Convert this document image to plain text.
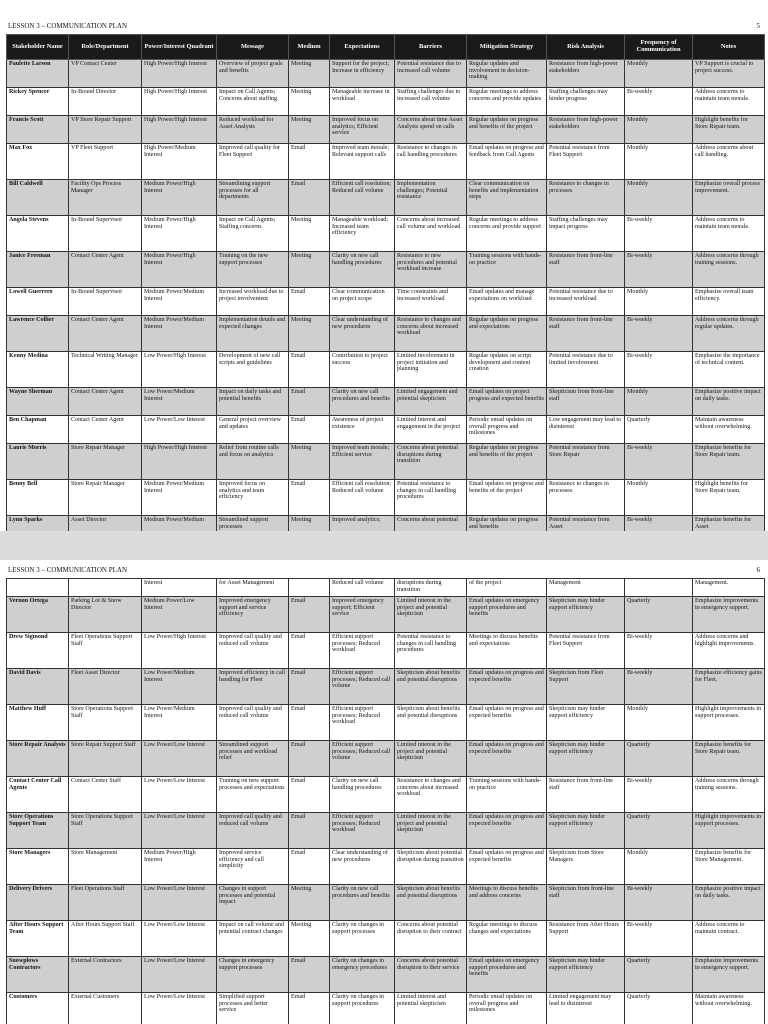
LESSON 3 – COMMUNICATION PLAN	5
Stakeholder Name	Role/Department	Power/Interest Quadrant	Message	Medium	Expectations	Barriers	Mitigation Strategy	Risk Analysis	Frequency of Communication	Notes
Paulette Larson	VP Contact Center	High Power/High Interest	Overview of project goals and benefits	Meeting	Support for the project; Increase in efficiency	Potential resistance due to increased call volume	Regular updates and involvement in decision-making	Resistance from high-power stakeholders	Monthly	VP Support is crucial to project success.
Rickey Spencer	In-Bound Director	High Power/High Interest	Impact on Call Agents; Concerns about staffing	Meeting	Manageable increase in workload	Staffing challenges due to increased call volume	Regular meetings to address concerns and provide updates	Staffing challenges may hinder progress	Bi-weekly	Address concerns to maintain team morale.
Francis Scott	VP Store Repair Support	High Power/High Interest	Reduced workload for Asset Analysts	Meeting	Improved focus on analytics; Efficient service	Concerns about time Asset Analysts spend on calls	Regular updates on progress and benefits of the project	Resistance from high-power stakeholders	Monthly	Highlight benefits for Store Repair team.
Max Fox	VP Fleet Support	High Power/Medium Interest	Improved call quality for Fleet Support	Email	Improved team morale; Relevant support calls	Resistance to changes in call handling procedures	Email updates on progress and feedback from Call Agents	Potential resistance from Fleet Support	Monthly	Address concerns about call handling.
Bill Caldwell	Facility Ops Process Manager	Medium Power/High Interest	Streamlining support processes for all departments	Email	Efficient call resolution; Reduced call volume	Implementation challenges; Potential resistance	Clear communication on benefits and implementation steps	Resistance to changes in processes	Monthly	Emphasize overall process improvement.
Angela Stevens	In-Bound Supervisor	Medium Power/High Interest	Impact on Call Agents; Staffing concerns	Meeting	Manageable workload; Increased team efficiency	Concerns about increased call volume and workload	Regular meetings to address concerns and provide support	Staffing challenges may impact progress	Bi-weekly	Address concerns to maintain team morale.
Janice Freeman	Contact Center Agent	Medium Power/High Interest	Training on the new support processes	Meeting	Clarity on new call handling procedures	Resistance to new procedures and potential workload increase	Training sessions with hands-on practice	Resistance from front-line staff	Bi-weekly	Address concerns through training sessions.
Lowell Guerrero	In-Bound Supervisor	Medium Power/Medium Interest	Increased workload due to project involvement	Email	Clear communication on project scope	Time constraints and increased workload	Email updates and manage expectations on workload	Potential resistance due to increased workload	Monthly	Emphasize overall team efficiency.
Lawrence Collier	Contact Center Agent	Medium Power/Medium Interest	Implementation details and expected changes	Meeting	Clear understanding of new procedures	Resistance to changes and concerns about increased workload	Regular updates on progress and expectations	Resistance from front-line staff	Bi-weekly	Address concerns through regular updates.
Kenny Medina	Technical Writing Manager	Low Power/High Interest	Development of new call scripts and guidelines	Email	Contribution to project success	Limited involvement in project initiation and planning	Regular updates on script development and content creation	Potential resistance due to limited involvement	Bi-weekly	Emphasize the importance of technical content.
Wayne Sherman	Contact Center Agent	Low Power/Medium Interest	Impact on daily tasks and potential benefits	Email	Clarity on new call procedures and benefits	Limited engagement and potential skepticism	Email updates on project progress and expected benefits	Skepticism from front-line staff	Monthly	Emphasize positive impact on daily tasks.
Ben Chapman	Contact Center Agent	Low Power/Low Interest	General project overview and updates	Email	Awareness of project existence	Limited interest and engagement in the project	Periodic email updates on overall progress and milestones	Low engagement may lead to disinterest	Quarterly	Maintain awareness without overwhelming.
Laurie Morris	Store Repair Manager	High Power/High Interest	Relief from routine calls and focus on analytics	Meeting	Improved team morale; Efficient service	Concerns about potential disruptions during transition	Regular updates on progress and benefits of the project	Potential resistance from Store Repair	Bi-weekly	Emphasize benefits for Store Repair team.
Benny Bell	Store Repair Manager	Medium Power/Medium Interest	Improved focus on analytics and team efficiency	Email	Efficient call resolution; Reduced call volume	Potential resistance to changes in call handling procedures	Email updates on progress and benefits of the project	Resistance to changes in processes	Monthly	Highlight benefits for Store Repair team.
Lynn Sparks	Asset Director	Medium Power/Medium	Streamlined support processes	Meeting	Improved analytics;	Concerns about potential	Regular updates on progress and benefits	Potential resistance from Asset	Bi-weekly	Emphasize benefits for Asset
LESSON 3 – COMMUNICATION PLAN	6
		Interest	for Asset Management		Reduced call volume	disruptions during transition	of the project	Management		Management.
Vernon Ortega	Parking Lot & Snow Director	Medium Power/Low Interest	Improved emergency support and service efficiency	Email	Improved emergency support; Efficient service	Limited interest in the project and potential skepticism	Email updates on emergency support procedures and benefits	Skepticism may hinder support efficiency	Quarterly	Emphasize improvements in emergency support.
Drew Sigmond	Fleet Operations Support Staff	Low Power/High Interest	Improved call quality and reduced call volume	Email	Efficient support processes; Reduced workload	Potential resistance to changes in call handling procedures	Meetings to discuss benefits and expectations	Potential resistance from Fleet Support	Bi-weekly	Address concerns and highlight improvements.
David Davis	Fleet Asset Director	Low Power/Medium Interest	Improved efficiency in call handling for Fleet	Email	Efficient support processes; Reduced call volume	Skepticism about benefits and potential disruptions	Email updates on progress and expected benefits	Skepticism from Fleet Support	Bi-weekly	Emphasize efficiency gains for Fleet.
Matthew Huff	Store Operations Support Staff	Low Power/Medium Interest	Improved call quality and reduced call volume	Email	Efficient support processes; Reduced workload	Skepticism about benefits and potential disruptions	Email updates on progress and expected benefits	Skepticism may hinder support efficiency	Monthly	Highlight improvements in support processes.
Store Repair Analysts	Store Repair Support Staff	Low Power/Low Interest	Streamlined support processes and workload relief	Email	Efficient support processes; Reduced call volume	Limited interest in the project and potential skepticism	Email updates on progress and expected benefits	Skepticism may hinder support efficiency	Quarterly	Emphasize benefits for Store Repair team.
Contact Center Call Agents	Contact Center Staff	Low Power/Low Interest	Training on new support processes and expectations	Email	Clarity on new call handling procedures	Resistance to changes and concerns about increased workload	Training sessions with hands-on practice	Resistance from front-line staff	Bi-weekly	Address concerns through training sessions.
Store Operations Support Team	Store Operations Support Staff	Low Power/Low Interest	Improved call quality and reduced call volume	Email	Efficient support processes; Reduced workload	Limited interest in the project and potential skepticism	Email updates on progress and expected benefits	Skepticism may hinder support efficiency	Quarterly	Highlight improvements in support processes.
Store Managers	Store Management	Medium Power/High Interest	Improved service efficiency and call simplicity	Email	Clear understanding of new procedures	Skepticism about potential disruption during transition	Email updates on progress and expected benefits	Skepticism from Store Managers	Monthly	Emphasize benefits for Store Management.
Delivery Drivers	Fleet Operations Staff	Low Power/Low Interest	Changes in support processes and potential impact	Meeting	Clarity on new call procedures and benefits	Skepticism about benefits and potential disruptions	Meetings to discuss benefits and address concerns	Skepticism from front-line staff	Bi-weekly	Emphasize positive impact on daily tasks.
After Hours Support Team	After Hours Support Staff	Low Power/Low Interest	Impact on call volume and potential contract changes	Meeting	Clarity on changes in support processes	Concerns about potential disruption to their contract	Regular meetings to discuss changes and expectations	Resistance from After Hours Support	Bi-weekly	Address concerns to maintain contract.
Snowplows Contractors	External Contractors	Low Power/Low Interest	Changes in emergency support processes	Email	Clarity on changes in emergency procedures	Concerns about potential disruption to their service	Email updates on emergency support procedures and benefits	Skepticism may hinder support efficiency	Quarterly	Emphasize improvements in emergency support.
Customers	External Customers	Low Power/Low Interest	Simplified support processes and better service	Email	Clarity on changes in support procedures	Limited interest and potential skepticism	Periodic email updates on overall progress and milestones	Limited engagement may lead to disinterest	Quarterly	Maintain awareness without overwhelming.
